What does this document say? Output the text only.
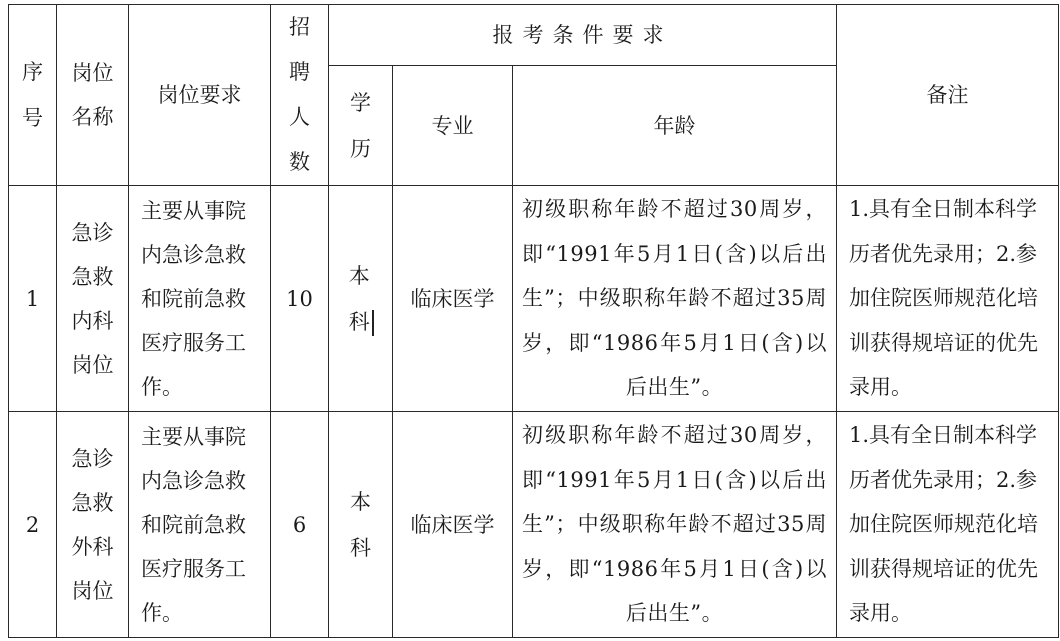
序号	岗位名称	岗位要求	招聘人数	报考条件要求			备注
				学历	专业	年龄	
1	急诊急救内科岗位	主要从事院内急诊急救和院前急救医疗服务工作。	10	本科	临床医学	初级职称年龄不超过30周岁，即“1991年5月1日(含)以后出生”；中级职称年龄不超过35周岁，即“1986年5月1日(含)以后出生”。	1.具有全日制本科学历者优先录用；2.参加住院医师规范化培训获得规培证的优先录用。

2	急诊急救外科岗位	主要从事院内急诊急救和院前急救医疗服务工作。	6	本科	临床医学	初级职称年龄不超过30周岁，即“1991年5月1日(含)以后出生”；中级职称年龄不超过35周岁，即“1986年5月1日(含)以后出生”。	1.具有全日制本科学历者优先录用；2.参加住院医师规范化培训获得规培证的优先录用。
